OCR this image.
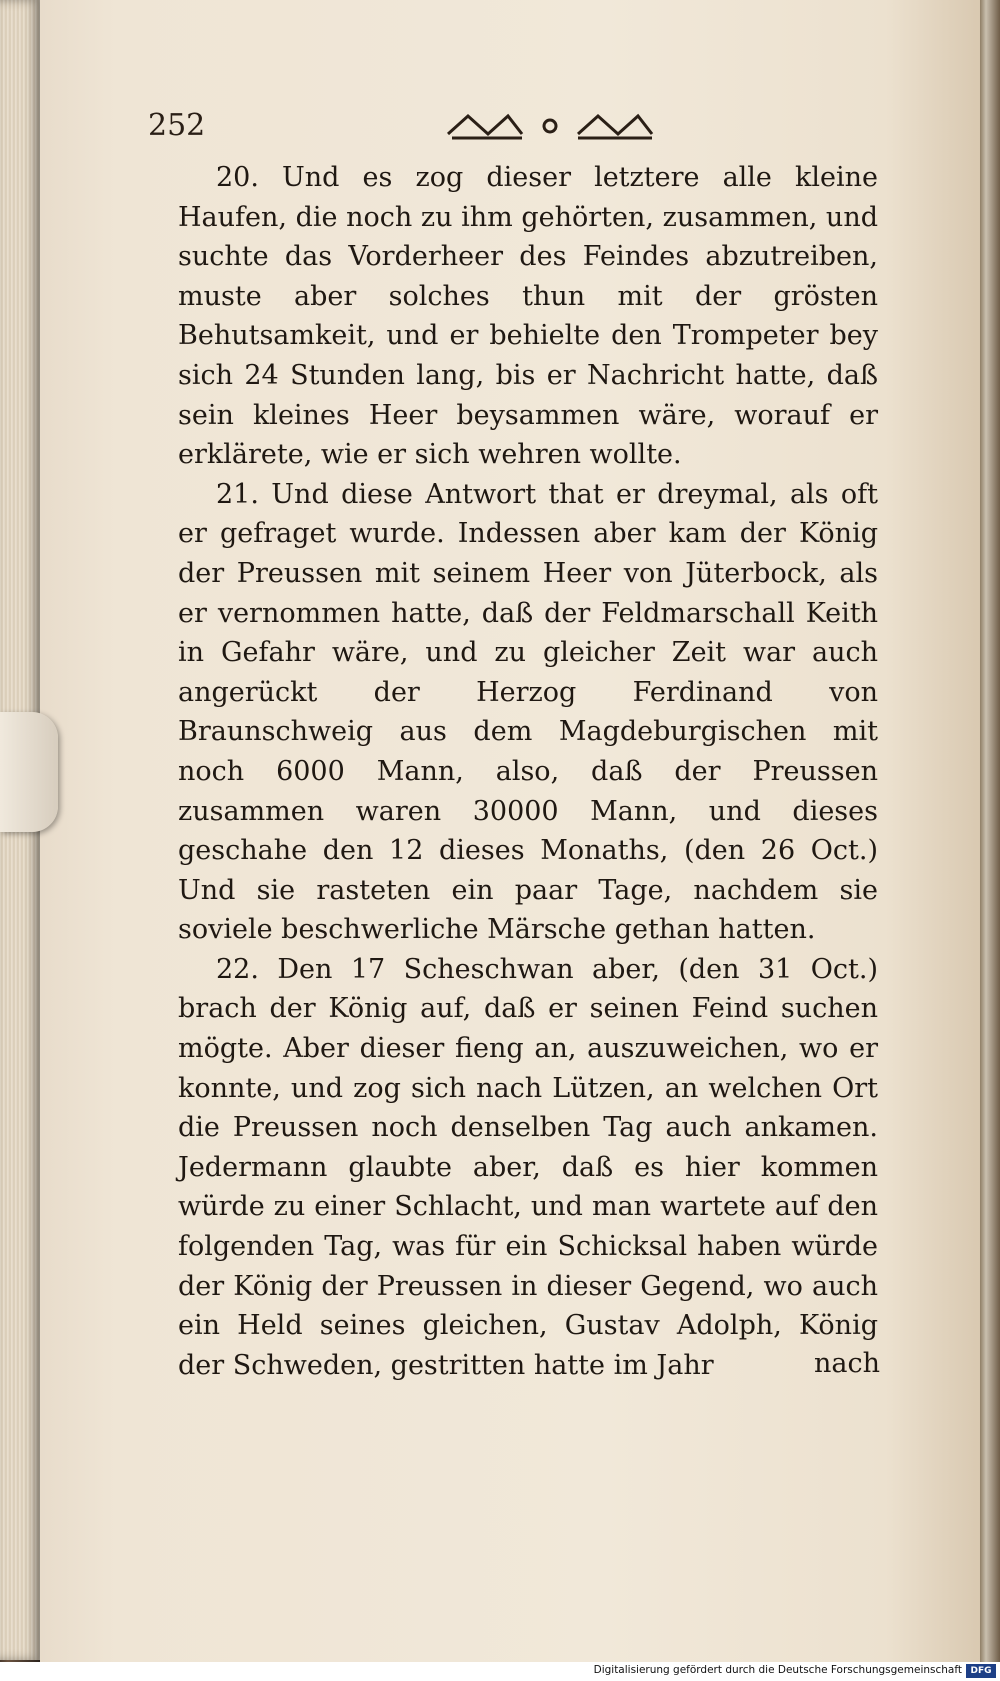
252

20. Und es zog dieser letztere alle kleine Haufen, die noch zu ihm gehörten, zusammen, und suchte das Vorderheer des Feindes abzutreiben, muste aber solches thun mit der grösten Behutsamkeit, und er behielte den Trompeter bey sich 24 Stunden lang, bis er Nachricht hatte, daß sein kleines Heer beysammen wäre, worauf er erklärete, wie er sich wehren wollte.

21. Und diese Antwort that er dreymal, als oft er gefraget wurde. Indessen aber kam der König der Preussen mit seinem Heer von Jüterbock, als er vernommen hatte, daß der Feldmarschall Keith in Gefahr wäre, und zu gleicher Zeit war auch angerückt der Herzog Ferdinand von Braunschweig aus dem Magdeburgischen mit noch 6000 Mann, also, daß der Preussen zusammen waren 30000 Mann, und dieses geschahe den 12 dieses Monaths, (den 26 Oct.) Und sie rasteten ein paar Tage, nachdem sie soviele beschwerliche Märsche gethan hatten.

22. Den 17 Scheschwan aber, (den 31 Oct.) brach der König auf, daß er seinen Feind suchen mögte. Aber dieser fieng an, auszuweichen, wo er konnte, und zog sich nach Lützen, an welchen Ort die Preussen noch denselben Tag auch ankamen. Jedermann glaubte aber, daß es hier kommen würde zu einer Schlacht, und man wartete auf den folgenden Tag, was für ein Schicksal haben würde der König der Preussen in dieser Gegend, wo auch ein Held seines gleichen, Gustav Adolph, König der Schweden, gestritten hatte im Jahr	nach
Digitalisierung gefördert durch die Deutsche Forschungsgemeinschaft DFG
